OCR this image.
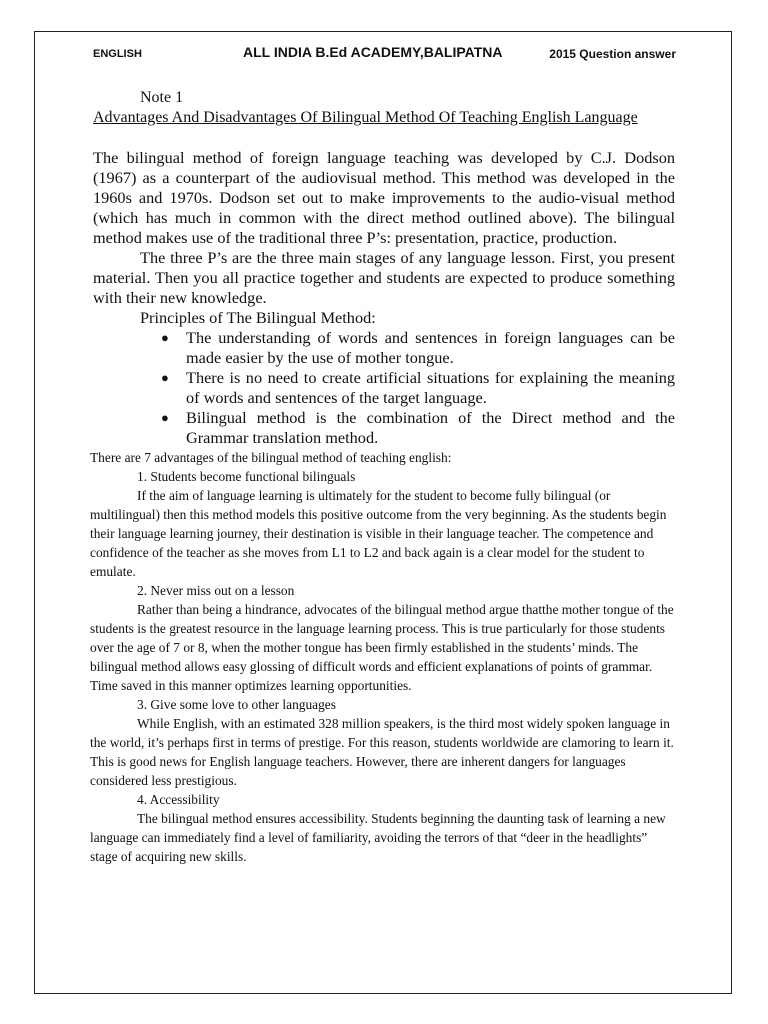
ENGLISH	ALL INDIA B.Ed ACADEMY,BALIPATNA	2015 Question answer

Note 1

Advantages And Disadvantages Of Bilingual Method Of Teaching English Language

The bilingual method of foreign language teaching was developed by C.J. Dodson (1967) as a counterpart of the audiovisual method. This method was developed in the 1960s and 1970s. Dodson set out to make improvements to the audio-visual method (which has much in common with the direct method outlined above). The bilingual method makes use of the traditional three P’s: presentation, practice, production.

The three P’s are the three main stages of any language lesson. First, you present material. Then you all practice together and students are expected to produce something with their new knowledge.

Principles of The Bilingual Method:

● The understanding of words and sentences in foreign languages can be made easier by the use of mother tongue.
● There is no need to create artificial situations for explaining the meaning of words and sentences of the target language.
● Bilingual method is the combination of the Direct method and the Grammar translation method.

There are 7 advantages of the bilingual method of teaching english:

1. Students become functional bilinguals

If the aim of language learning is ultimately for the student to become fully bilingual (or multilingual) then this method models this positive outcome from the very beginning. As the students begin their language learning journey, their destination is visible in their language teacher. The competence and confidence of the teacher as she moves from L1 to L2 and back again is a clear model for the student to emulate.

2. Never miss out on a lesson

Rather than being a hindrance, advocates of the bilingual method argue thatthe mother tongue of the students is the greatest resource in the language learning process. This is true particularly for those students over the age of 7 or 8, when the mother tongue has been firmly established in the students’ minds. The bilingual method allows easy glossing of difficult words and efficient explanations of points of grammar. Time saved in this manner optimizes learning opportunities.

3. Give some love to other languages

While English, with an estimated 328 million speakers, is the third most widely spoken language in the world, it’s perhaps first in terms of prestige. For this reason, students worldwide are clamoring to learn it. This is good news for English language teachers. However, there are inherent dangers for languages considered less prestigious.

4. Accessibility

The bilingual method ensures accessibility. Students beginning the daunting task of learning a new language can immediately find a level of familiarity, avoiding the terrors of that “deer in the headlights” stage of acquiring new skills.
